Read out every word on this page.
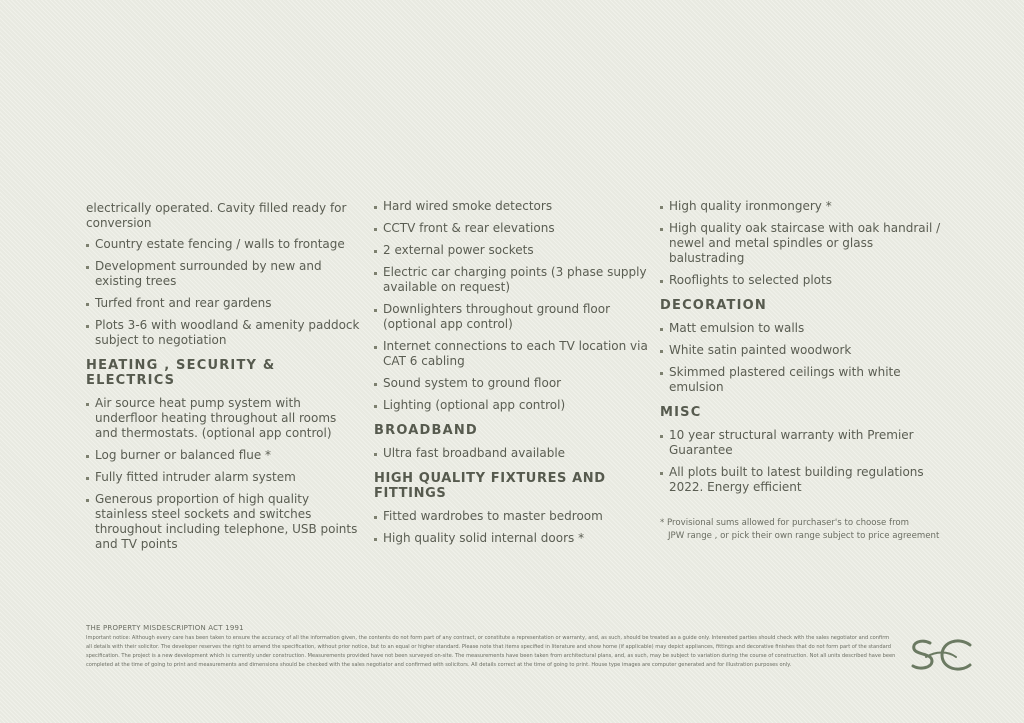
electrically operated. Cavity filled ready for conversion
Country estate fencing / walls to frontage
Development surrounded by new and existing trees
Turfed front and rear gardens
Plots 3-6 with woodland & amenity paddock subject to negotiation
HEATING , SECURITY & ELECTRICS
Air source heat pump system with underfloor heating throughout all rooms and thermostats. (optional app control)
Log burner or balanced flue *
Fully fitted intruder alarm system
Generous proportion of high quality stainless steel sockets and switches throughout including telephone, USB points and TV points
Hard wired smoke detectors
CCTV front & rear elevations
2 external power sockets
Electric car charging points (3 phase supply available on request)
Downlighters throughout ground floor (optional app control)
Internet connections to each TV location via CAT 6 cabling
Sound system to ground floor
Lighting (optional app control)
BROADBAND
Ultra fast broadband available
HIGH QUALITY FIXTURES AND FITTINGS
Fitted wardrobes to master bedroom
High quality solid internal doors *
High quality ironmongery *
High quality oak staircase with oak handrail / newel and metal spindles or glass balustrading
Rooflights to selected plots
DECORATION
Matt emulsion to walls
White satin painted woodwork
Skimmed plastered ceilings with white emulsion
MISC
10 year structural warranty with Premier Guarantee
All plots built to latest building regulations 2022. Energy efficient
* Provisional sums allowed for purchaser's to choose from
JPW range , or pick their own range subject to price agreement
THE PROPERTY MISDESCRIPTION ACT 1991
Important notice: Although every care has been taken to ensure the accuracy of all the information given, the contents do not form part of any contract, or constitute a representation or warranty, and, as such, should be treated as a guide only. Interested parties should check with the sales negotiator and confirm all details with their solicitor. The developer reserves the right to amend the specification, without prior notice, but to an equal or higher standard. Please note that items specified in literature and show home (if applicable) may depict appliances, fittings and decorative finishes that do not form part of the standard specification. The project is a new development which is currently under construction. Measurements provided have not been surveyed on-site. The measurements have been taken from architectural plans, and, as such, may be subject to variation during the course of construction. Not all units described have been completed at the time of going to print and measurements and dimensions should be checked with the sales negotiator and confirmed with solicitors. All details correct at the time of going to print. House type images are computer generated and for illustration purposes only.
